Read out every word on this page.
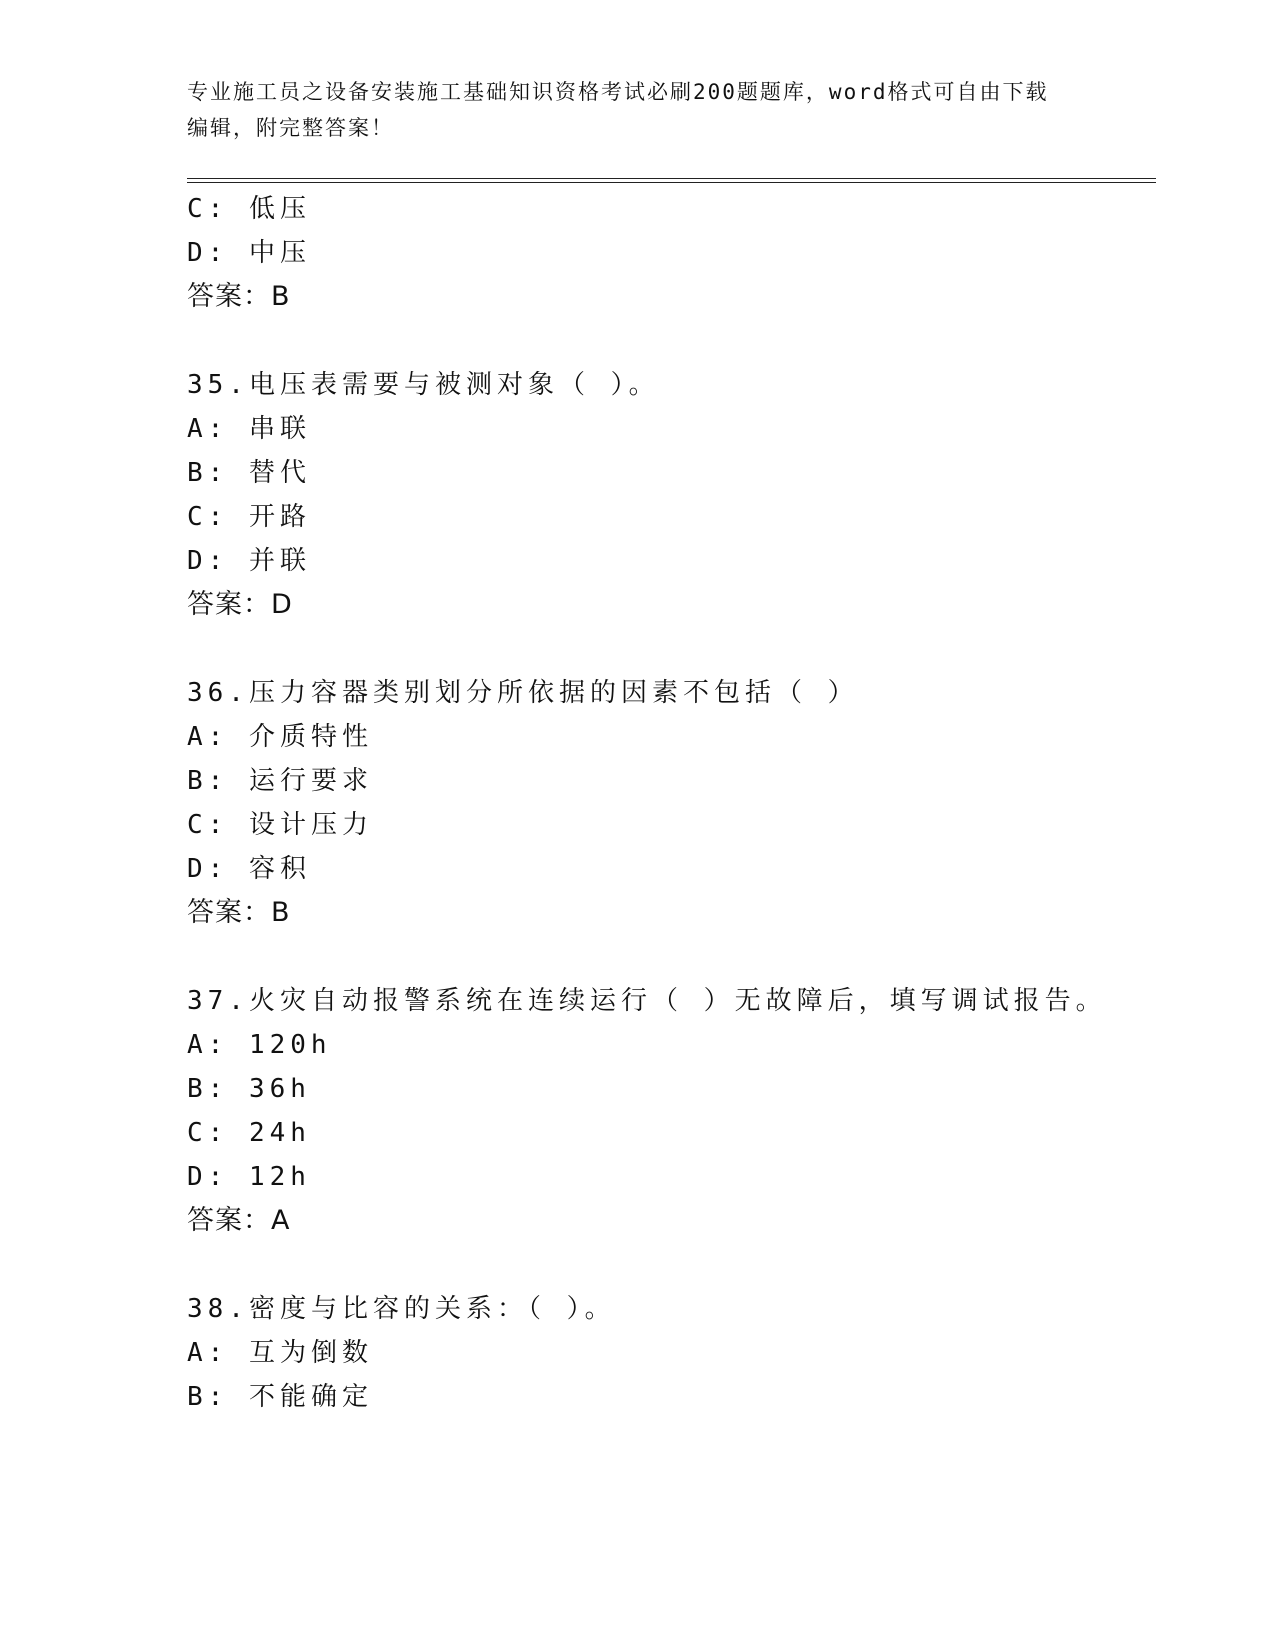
专业施工员之设备安装施工基础知识资格考试必刷200题题库，word格式可自由下载编辑，附完整答案！
C: 低压
D: 中压
答案：B
35.电压表需要与被测对象（ ）。
A: 串联
B: 替代
C: 开路
D: 并联
答案：D
36.压力容器类别划分所依据的因素不包括（ ）
A: 介质特性
B: 运行要求
C: 设计压力
D: 容积
答案：B
37.火灾自动报警系统在连续运行（ ）无故障后，填写调试报告。
A: 120h
B: 36h
C: 24h
D: 12h
答案：A
38.密度与比容的关系：（ ）。
A: 互为倒数
B: 不能确定
